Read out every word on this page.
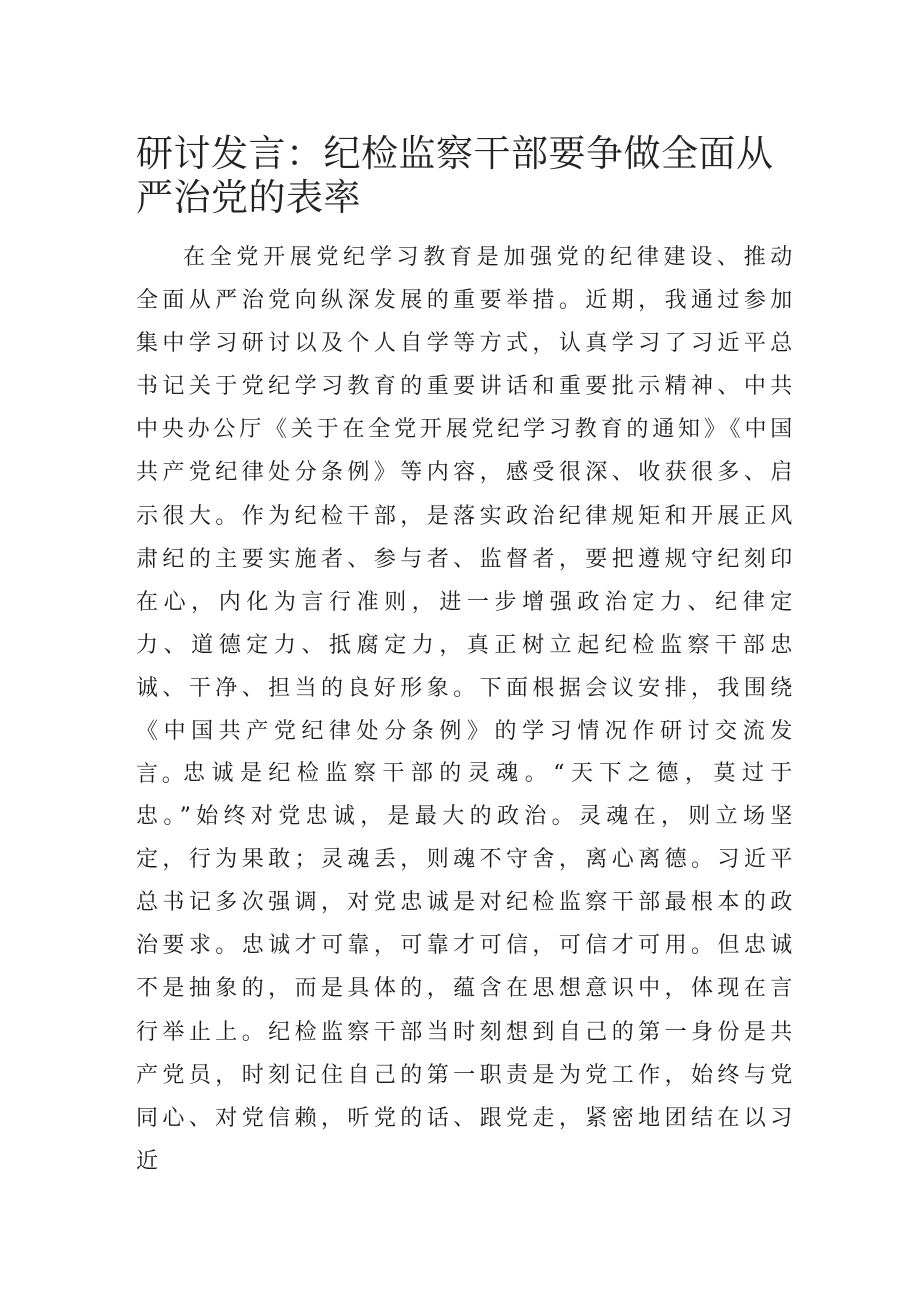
研讨发言：纪检监察干部要争做全面从严治党的表率

在全党开展党纪学习教育是加强党的纪律建设、推动全面从严治党向纵深发展的重要举措。近期，我通过参加集中学习研讨以及个人自学等方式，认真学习了习近平总书记关于党纪学习教育的重要讲话和重要批示精神、中共中央办公厅《关于在全党开展党纪学习教育的通知》《中国共产党纪律处分条例》等内容，感受很深、收获很多、启示很大。作为纪检干部，是落实政治纪律规矩和开展正风肃纪的主要实施者、参与者、监督者，要把遵规守纪刻印在心，内化为言行准则，进一步增强政治定力、纪律定力、道德定力、抵腐定力，真正树立起纪检监察干部忠诚、干净、担当的良好形象。下面根据会议安排，我围绕《中国共产党纪律处分条例》的学习情况作研讨交流发言。

忠诚是纪检监察干部的灵魂。“天下之德，莫过于忠。”始终对党忠诚，是最大的政治。灵魂在，则立场坚定，行为果敢；灵魂丢，则魂不守舍，离心离德。习近平总书记多次强调，对党忠诚是对纪检监察干部最根本的政治要求。忠诚才可靠，可靠才可信，可信才可用。但忠诚不是抽象的，而是具体的，蕴含在思想意识中，体现在言行举止上。纪检监察干部当时刻想到自己的第一身份是共产党员，时刻记住自己的第一职责是为党工作，始终与党同心、对党信赖，听党的话、跟党走，紧密地团结在以习近
